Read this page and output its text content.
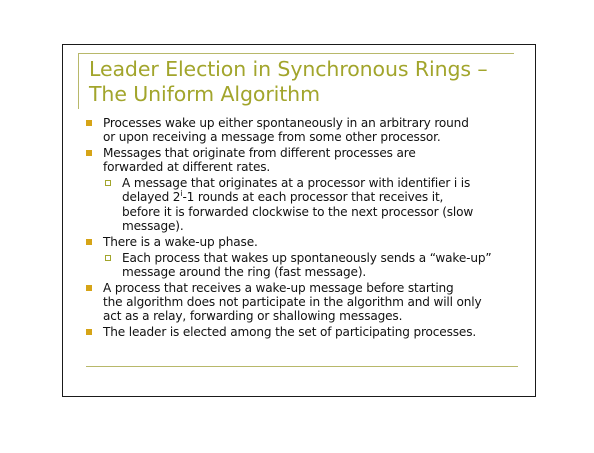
Leader Election in Synchronous Rings –
The Uniform Algorithm
Processes wake up either spontaneously in an arbitrary round
or upon receiving a message from some other processor.
Messages that originate from different processes are
forwarded at different rates.
A message that originates at a processor with identifier i is
delayed 2$^i$-1 rounds at each processor that receives it,
before it is forwarded clockwise to the next processor (slow
message).
There is a wake-up phase.
Each process that wakes up spontaneously sends a “wake-up”
message around the ring (fast message).
A process that receives a wake-up message before starting
the algorithm does not participate in the algorithm and will only
act as a relay, forwarding or shallowing messages.
The leader is elected among the set of participating processes.
